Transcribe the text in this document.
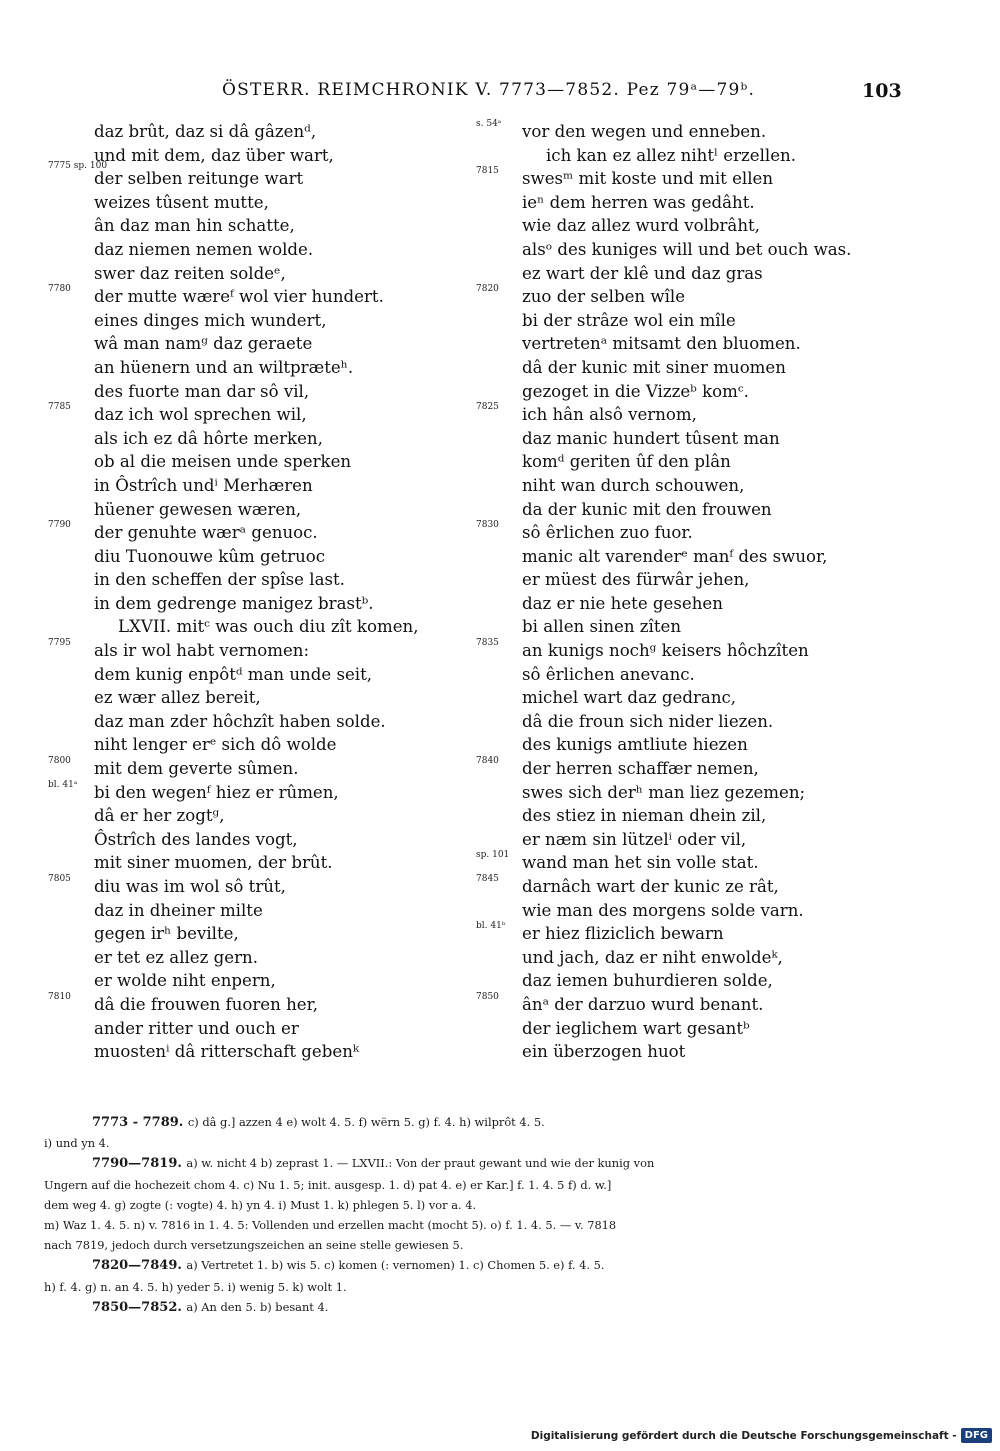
ÖSTERR. REIMCHRONIK V. 7773—7852. Pez 79ᵃ—79ᵇ.	103
daz brût, daz si dâ gâzenᵈ,
und mit dem, daz über wart,
7775 sp. 100
der selben reitunge wart
weizes tûsent mutte,
ân daz man hin schatte,
daz niemen nemen wolde.
swer daz reiten soldeᵉ,
7780	der mutte wæreᶠ wol vier hundert.
eines dinges mich wundert,
wâ man namᵍ daz geraete
an hüenern und an wiltprætеʰ.
des fuorte man dar sô vil,
7785	daz ich wol sprechen wil,
als ich ez dâ hôrte merken,
ob al die meisen unde sperken
in Ôstrîch undⁱ Merhæren
hüener gewesen wæren,
7790	der genuhte wærᵃ genuoc.
diu Tuonouwe kûm getruoc
in den scheffen der spîse last.
in dem gedrenge manigez brastᵇ.
LXVII. mitᶜ was ouch diu zît komen,
7795	als ir wol habt vernomen:
dem kunig enpôtᵈ man unde seit,
ez wær allez bereit,
daz man zder hôchzît haben solde.
niht lenger erᵉ sich dô wolde
7800	mit dem geverte sûmen.
bl. 41ᵃ	bi den wegenᶠ hiez er rûmen,
dâ er her zogtᵍ,
Ôstrîch des landes vogt,
mit siner muomen, der brût.
7805	diu was im wol sô trût,
daz in dheiner milte
gegen irʰ bevilte,
er tet ez allez gern.
er wolde niht enpern,
7810	dâ die frouwen fuoren her,
ander ritter und ouch er
muostenⁱ dâ ritterschaft gebenᵏ
s. 54ᵃ	vor den wegen und enneben.
ich kan ez allez nihtˡ erzellen.
7815	swesᵐ mit koste und mit ellen
ieⁿ dem herren was gedâht.
wie daz allez wurd volbrâht,
alsᵒ des kuniges will und bet ouch was.
ez wart der klê und daz gras
7820	zuo der selben wîle
bi der strâze wol ein mîle
vertretenᵃ mitsamt den bluomen.
dâ der kunic mit siner muomen
gezoget in die Vizzeᵇ komᶜ.
7825	ich hân alsô vernom,
daz manic hundert tûsent man
komᵈ geriten ûf den plân
niht wan durch schouwen,
da der kunic mit den frouwen
7830	sô êrlichen zuo fuor.
manic alt varenderᵉ manᶠ des swuor,
er müest des fürwâr jehen,
daz er nie hete gesehen
bi allen sinen zîten
7835	an kunigs nochᵍ keisers hôchzîten
sô êrlichen anevanc.
michel wart daz gedranc,
dâ die froun sich nider liezen.
des kunigs amtliute hiezen
7840	der herren schaffær nemen,
swes sich derʰ man liez gezemen;
des stiez in nieman dhein zil,
er næm sin lützelⁱ oder vil,
sp. 101 wand man het sin volle stat.
7845	darnâch wart der kunic ze rât,
wie man des morgens solde varn.
bl. 41ᵇ er hiez fliziclich bewarn
und jach, daz er niht enwoldeᵏ,
daz iemen buhurdieren solde,
7850	ânᵃ der darzuo wurd benant.
der ieglichem wart gesantᵇ
ein überzogen huot

7773 - 7789. c) dâ g.] azzen 4 e) wolt 4. 5. f) wërn 5. g) f. 4. h) wilprôt 4. 5.

i) und yn 4.

7790—7819. a) w. nicht 4 b) zeprast 1. — LXVII.: Von der praut gewant und wie der kunig von

Ungern auf die hochezeit chom 4. c) Nu 1. 5; init. ausgesp. 1. d) pat 4. e) er Kar.] f. 1. 4. 5 f) d. w.]

dem weg 4. g) zogte (: vogte) 4. h) yn 4. i) Must 1. k) phlegen 5. l) vor a. 4.

m) Waz 1. 4. 5. n) v. 7816 in 1. 4. 5: Vollenden und erzellen macht (mocht 5). o) f. 1. 4. 5. — v. 7818

nach 7819, jedoch durch versetzungszeichen an seine stelle gewiesen 5.

7820—7849. a) Vertretet 1. b) wis 5. c) komen (: vernomen) 1. c) Chomen 5. e) f. 4. 5.

h) f. 4. g) n. an 4. 5. h) yeder 5. i) wenig 5. k) wolt 1.

7850—7852. a) An den 5. b) besant 4.

Digitalisierung gefördert durch die Deutsche Forschungsgemeinschaft - DFG
